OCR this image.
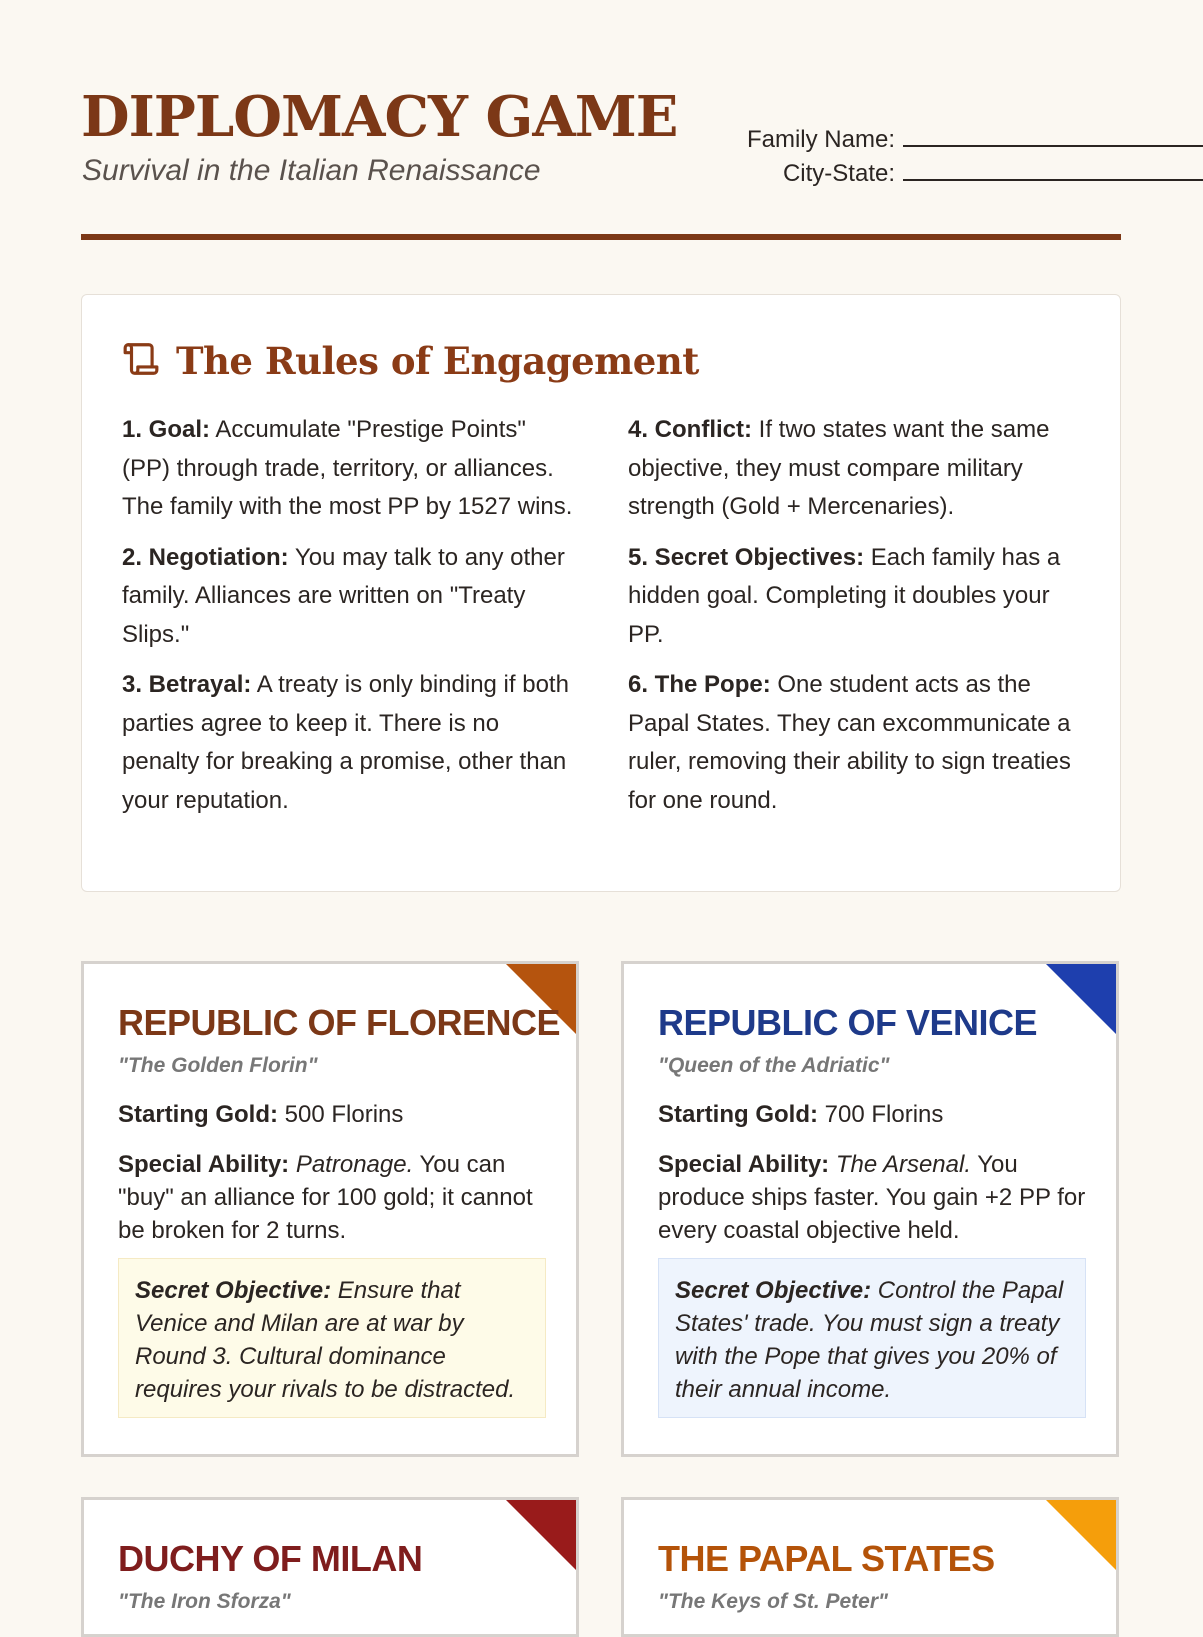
DIPLOMACY GAME
Survival in the Italian Renaissance
Family Name:
City-State:
The Rules of Engagement
1. Goal: Accumulate "Prestige Points" (PP) through trade, territory, or alliances. The family with the most PP by 1527 wins.
2. Negotiation: You may talk to any other family. Alliances are written on "Treaty Slips."
3. Betrayal: A treaty is only binding if both parties agree to keep it. There is no penalty for breaking a promise, other than your reputation.
4. Conflict: If two states want the same objective, they must compare military strength (Gold + Mercenaries).
5. Secret Objectives: Each family has a hidden goal. Completing it doubles your PP.
6. The Pope: One student acts as the Papal States. They can excommunicate a ruler, removing their ability to sign treaties for one round.
REPUBLIC OF FLORENCE
"The Golden Florin"
Starting Gold: 500 Florins
Special Ability: Patronage. You can "buy" an alliance for 100 gold; it cannot be broken for 2 turns.
Secret Objective: Ensure that Venice and Milan are at war by Round 3. Cultural dominance requires your rivals to be distracted.
REPUBLIC OF VENICE
"Queen of the Adriatic"
Starting Gold: 700 Florins
Special Ability: The Arsenal. You produce ships faster. You gain +2 PP for every coastal objective held.
Secret Objective: Control the Papal States' trade. You must sign a treaty with the Pope that gives you 20% of their annual income.
DUCHY OF MILAN
"The Iron Sforza"
THE PAPAL STATES
"The Keys of St. Peter"
